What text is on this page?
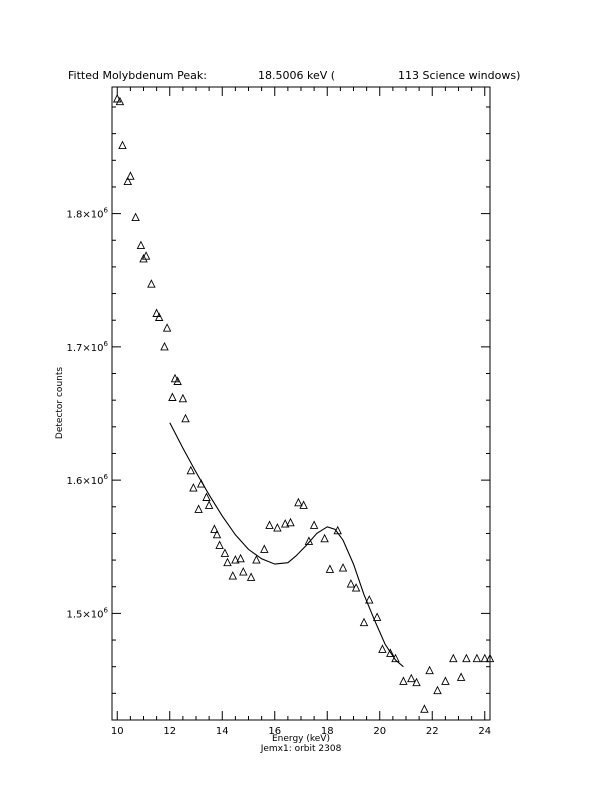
Fitted Molybdenum Peak:	18.5006 keV (	113 Science windows)
10	12	14	16	18	20	22	24
$1.5\times 10^6$
$1.6\times 10^6$
$1.7\times 10^6$
$1.8\times 10^6$
Energy (keV)
Jemx1: orbit 2308
Detector counts
